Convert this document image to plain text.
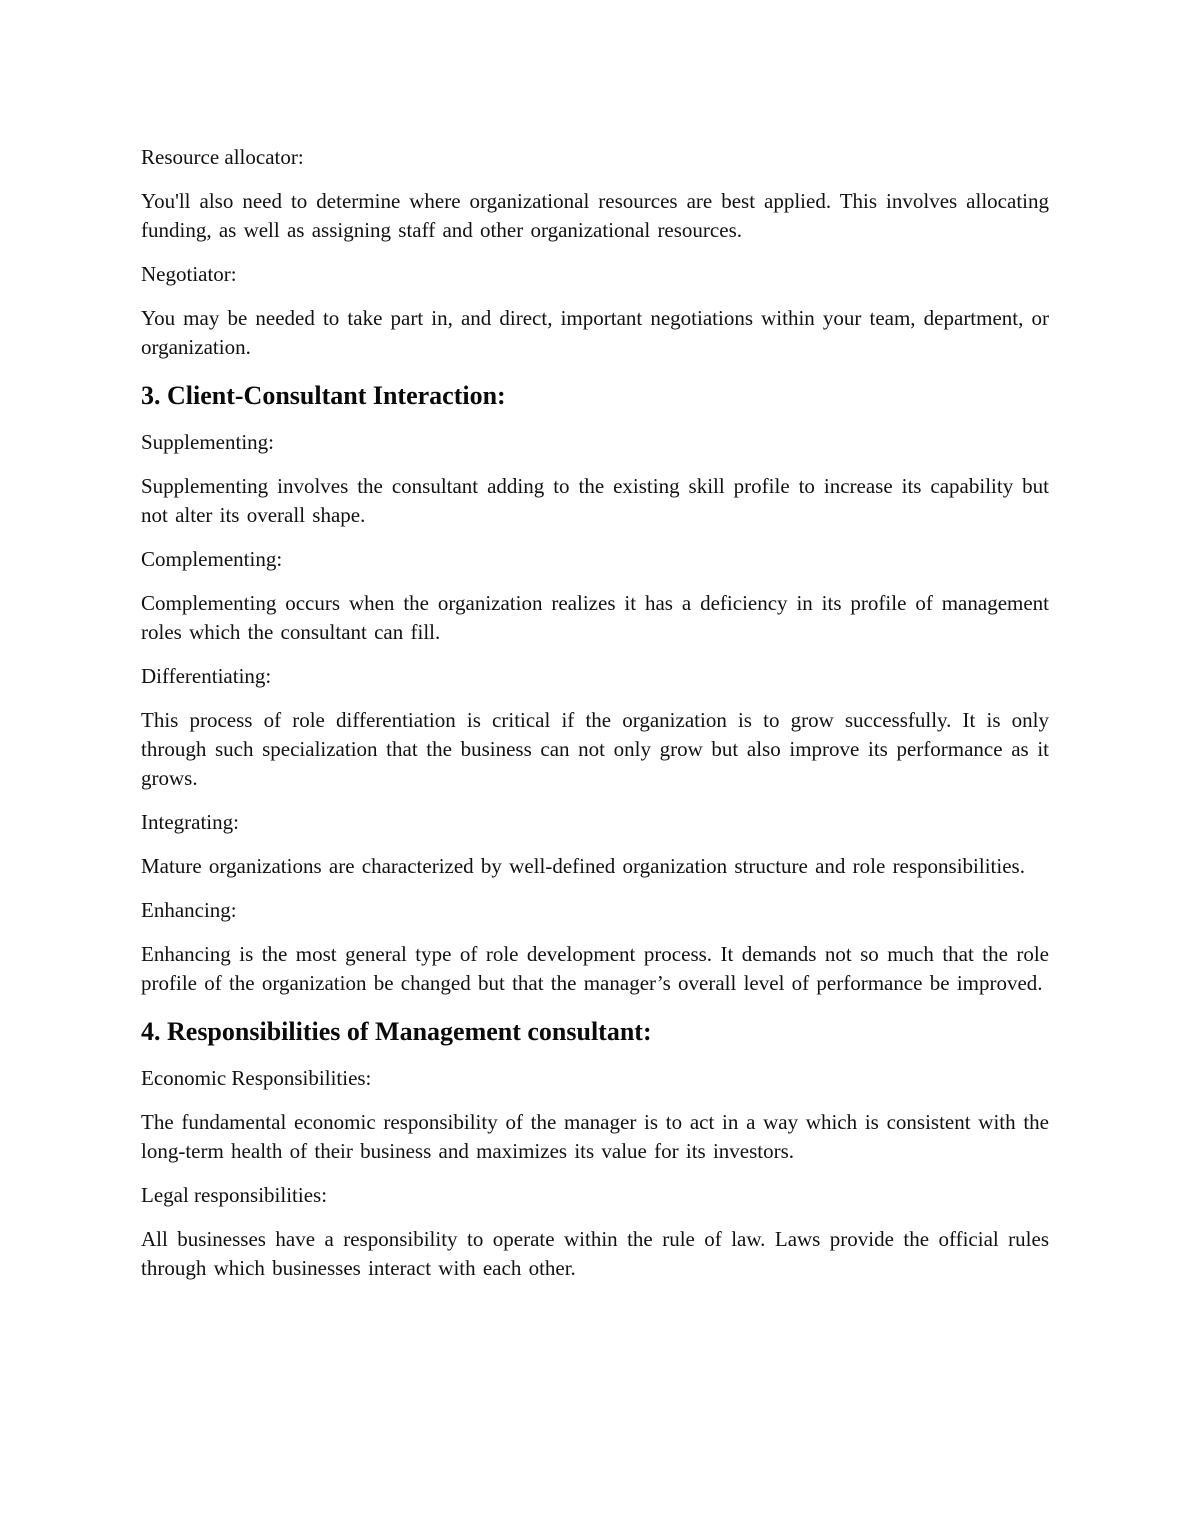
Resource allocator:

You'll also need to determine where organizational resources are best applied. This involves allocating funding, as well as assigning staff and other organizational resources.

Negotiator:

You may be needed to take part in, and direct, important negotiations within your team, department, or organization.

3. Client-Consultant Interaction:

Supplementing:

Supplementing involves the consultant adding to the existing skill profile to increase its capability but not alter its overall shape.

Complementing:

Complementing occurs when the organization realizes it has a deficiency in its profile of management roles which the consultant can fill.

Differentiating:

This process of role differentiation is critical if the organization is to grow successfully. It is only through such specialization that the business can not only grow but also improve its performance as it grows.

Integrating:

Mature organizations are characterized by well-defined organization structure and role responsibilities.

Enhancing:

Enhancing is the most general type of role development process. It demands not so much that the role profile of the organization be changed but that the manager’s overall level of performance be improved.

4. Responsibilities of Management consultant:

Economic Responsibilities:

The fundamental economic responsibility of the manager is to act in a way which is consistent with the long-term health of their business and maximizes its value for its investors.

Legal responsibilities:

All businesses have a responsibility to operate within the rule of law. Laws provide the official rules through which businesses interact with each other.
